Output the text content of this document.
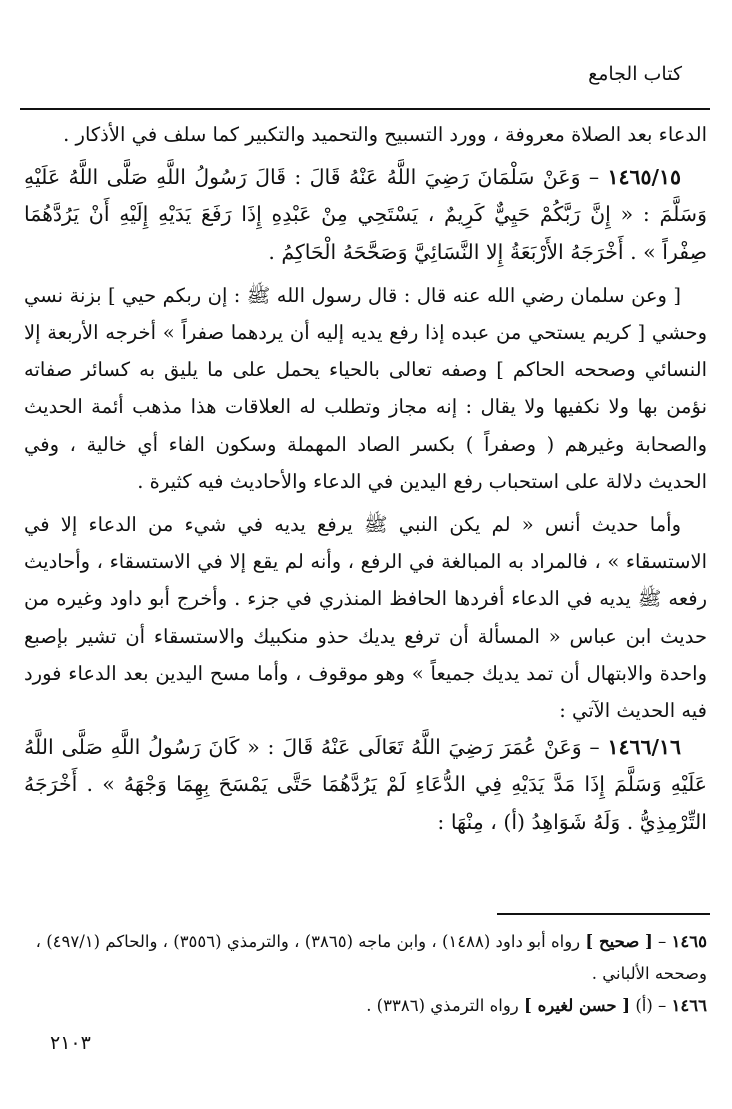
كتاب الجامع

الدعاء بعد الصلاة معروفة ، وورد التسبيح والتحميد والتكبير كما سلف في الأذكار .

١٤٦٥/١٥ – وَعَنْ سَلْمَانَ رَضِيَ اللَّهُ عَنْهُ قَالَ : قَالَ رَسُولُ اللَّهِ صَلَّى اللَّهُ عَلَيْهِ وَسَلَّمَ : « إِنَّ رَبَّكُمْ حَيِيٌّ كَرِيمٌ ، يَسْتَحِي مِنْ عَبْدِهِ إِذَا رَفَعَ يَدَيْهِ إِلَيْهِ أَنْ يَرُدَّهُمَا صِفْراً » . أَخْرَجَهُ الأَرْبَعَةُ إِلا النَّسَائِيَّ وَصَحَّحَهُ الْحَاكِمُ .

[ وعن سلمان رضي الله عنه قال : قال رسول الله ﷺ : إن ربكم حيي ] بزنة نسي وحشي [ كريم يستحي من عبده إذا رفع يديه إليه أن يردهما صفراً » أخرجه الأربعة إلا النسائي وصححه الحاكم ] وصفه تعالى بالحياء يحمل على ما يليق به كسائر صفاته نؤمن بها ولا نكفيها ولا يقال : إنه مجاز وتطلب له العلاقات هذا مذهب أئمة الحديث والصحابة وغيرهم ( وصفراً ) بكسر الصاد المهملة وسكون الفاء أي خالية ، وفي الحديث دلالة على استحباب رفع اليدين في الدعاء والأحاديث فيه كثيرة .

وأما حديث أنس « لم يكن النبي ﷺ يرفع يديه في شيء من الدعاء إلا في الاستسقاء » ، فالمراد به المبالغة في الرفع ، وأنه لم يقع إلا في الاستسقاء ، وأحاديث رفعه ﷺ يديه في الدعاء أفردها الحافظ المنذري في جزء . وأخرج أبو داود وغيره من حديث ابن عباس « المسألة أن ترفع يديك حذو منكبيك والاستسقاء أن تشير بإصبع واحدة والابتهال أن تمد يديك جميعاً » وهو موقوف ، وأما مسح اليدين بعد الدعاء فورد فيه الحديث الآتي :

١٤٦٦/١٦ – وَعَنْ عُمَرَ رَضِيَ اللَّهُ تَعَالَى عَنْهُ قَالَ : « كَانَ رَسُولُ اللَّهِ صَلَّى اللَّهُ عَلَيْهِ وَسَلَّمَ إِذَا مَدَّ يَدَيْهِ فِي الدُّعَاءِ لَمْ يَرُدَّهُمَا حَتَّى يَمْسَحَ بِهِمَا وَجْهَهُ » . أَخْرَجَهُ التِّرْمِذِيُّ . وَلَهُ شَوَاهِدُ (أ) ، مِنْهَا :

١٤٦٥ – [ صحيح ] رواه أبو داود (١٤٨٨) ، وابن ماجه (٣٨٦٥) ، والترمذي (٣٥٥٦) ، والحاكم (٤٩٧/١) ، وصححه الألباني .

١٤٦٦ – (أ) [ حسن لغيره ] رواه الترمذي (٣٣٨٦) .

٢١٠٣
